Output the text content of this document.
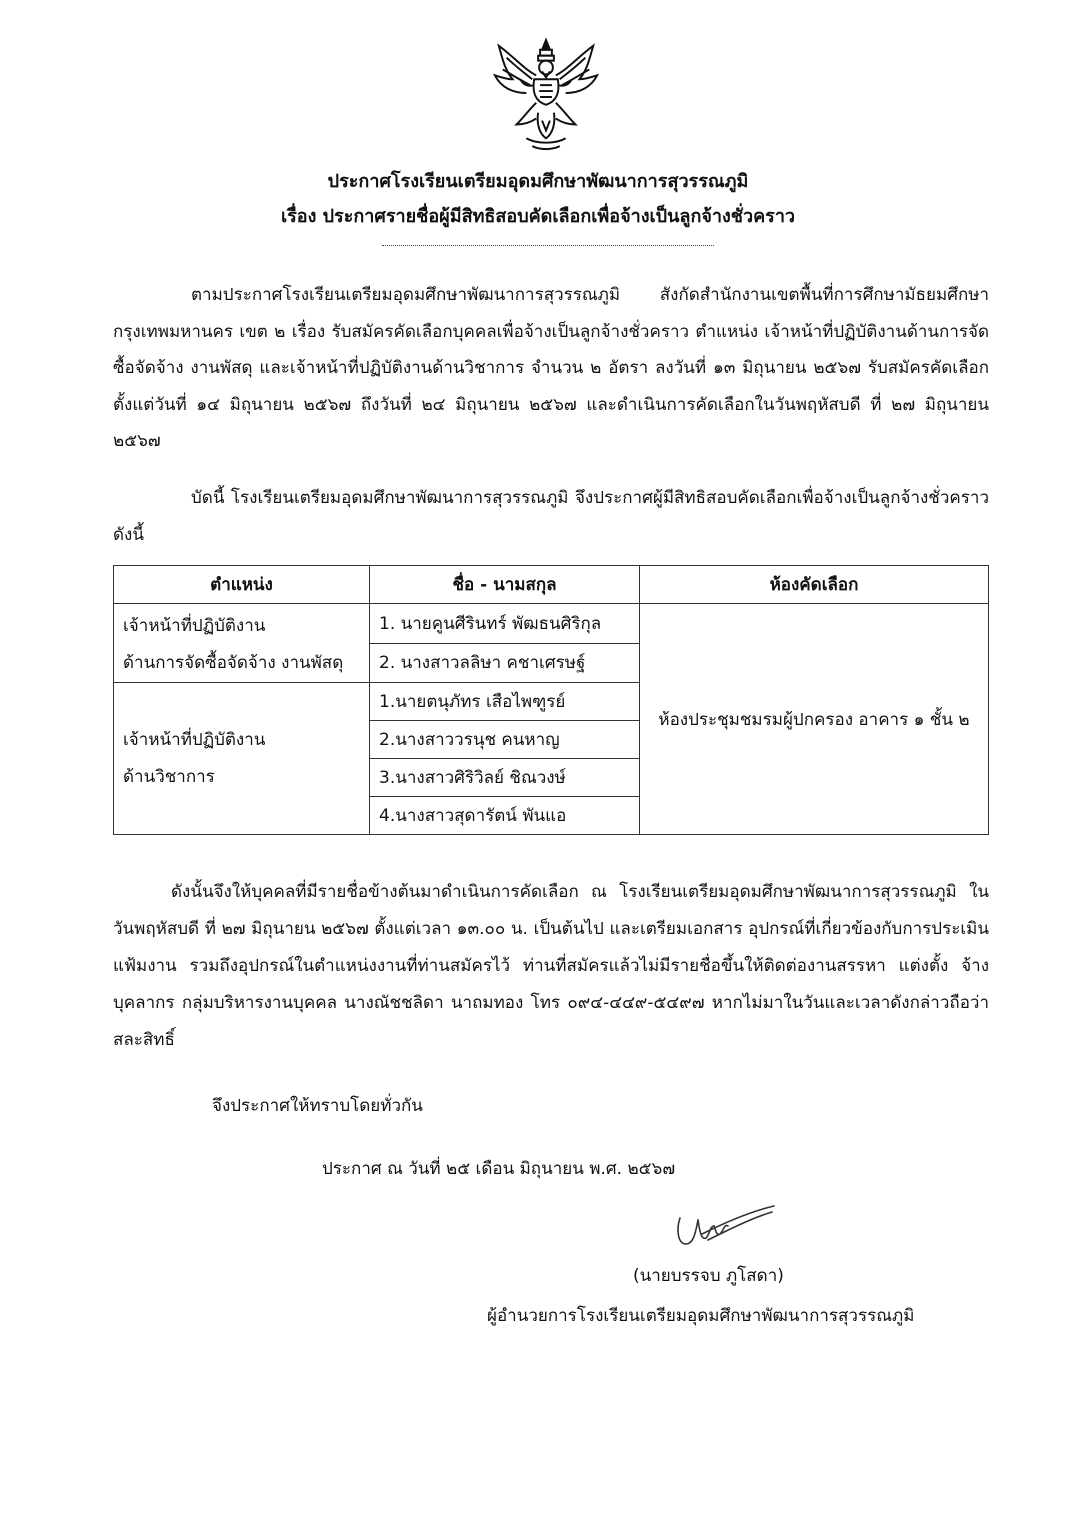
ประกาศโรงเรียนเตรียมอุดมศึกษาพัฒนาการสุวรรณภูมิ
เรื่อง ประกาศรายชื่อผู้มีสิทธิสอบคัดเลือกเพื่อจ้างเป็นลูกจ้างชั่วคราว
ตามประกาศโรงเรียนเตรียมอุดมศึกษาพัฒนาการสุวรรณภูมิ สังกัดสำนักงานเขตพื้นที่การศึกษามัธยมศึกษากรุงเทพมหานคร เขต ๒ เรื่อง รับสมัครคัดเลือกบุคคลเพื่อจ้างเป็นลูกจ้างชั่วคราว ตำแหน่ง เจ้าหน้าที่ปฏิบัติงานด้านการจัดซื้อจัดจ้าง งานพัสดุ และเจ้าหน้าที่ปฏิบัติงานด้านวิชาการ จำนวน ๒ อัตรา ลงวันที่ ๑๓ มิถุนายน ๒๕๖๗ รับสมัครคัดเลือก ตั้งแต่วันที่ ๑๔ มิถุนายน ๒๕๖๗ ถึงวันที่ ๒๔ มิถุนายน ๒๕๖๗ และดำเนินการคัดเลือกในวันพฤหัสบดี ที่ ๒๗ มิถุนายน ๒๕๖๗
บัดนี้ โรงเรียนเตรียมอุดมศึกษาพัฒนาการสุวรรณภูมิ จึงประกาศผู้มีสิทธิสอบคัดเลือกเพื่อจ้างเป็นลูกจ้างชั่วคราว ดังนี้
ตำแหน่ง	ชื่อ - นามสกุล	ห้องคัดเลือก

เจ้าหน้าที่ปฏิบัติงาน
ด้านการจัดซื้อจัดจ้าง งานพัสดุ	1. นายคูนศีรินทร์ พัฒธนศิริกุล	ห้องประชุมชมรมผู้ปกครอง อาคาร ๑ ชั้น ๒
	2. นางสาวลลิษา คชาเศรษฐ์	

เจ้าหน้าที่ปฏิบัติงาน
ด้านวิชาการ	1.นายตนุภัทร เสือไพฑูรย์	
	2.นางสาววรนุช คนหาญ	
	3.นางสาวศิริวิลย์ ชิณวงษ์	
	4.นางสาวสุดารัตน์ พันแอ	
ดังนั้นจึงให้บุคคลที่มีรายชื่อข้างต้นมาดำเนินการคัดเลือก ณ โรงเรียนเตรียมอุดมศึกษาพัฒนาการสุวรรณภูมิ ในวันพฤหัสบดี ที่ ๒๗ มิถุนายน ๒๕๖๗ ตั้งแต่เวลา ๑๓.๐๐ น. เป็นต้นไป และเตรียมเอกสาร อุปกรณ์ที่เกี่ยวข้องกับการประเมิน แฟ้มงาน รวมถึงอุปกรณ์ในตำแหน่งงานที่ท่านสมัครไว้ ท่านที่สมัครแล้วไม่มีรายชื่อขึ้นให้ติดต่องานสรรหา แต่งตั้ง จ้างบุคลากร กลุ่มบริหารงานบุคคล นางณัชชลิดา นาถมทอง โทร ๐๙๔-๔๔๙-๕๔๙๗ หากไม่มาในวันและเวลาดังกล่าวถือว่าสละสิทธิ์
จึงประกาศให้ทราบโดยทั่วกัน
ประกาศ ณ วันที่ ๒๕ เดือน มิถุนายน พ.ศ. ๒๕๖๗
(นายบรรจบ ภูโสดา)
ผู้อำนวยการโรงเรียนเตรียมอุดมศึกษาพัฒนาการสุวรรณภูมิ
